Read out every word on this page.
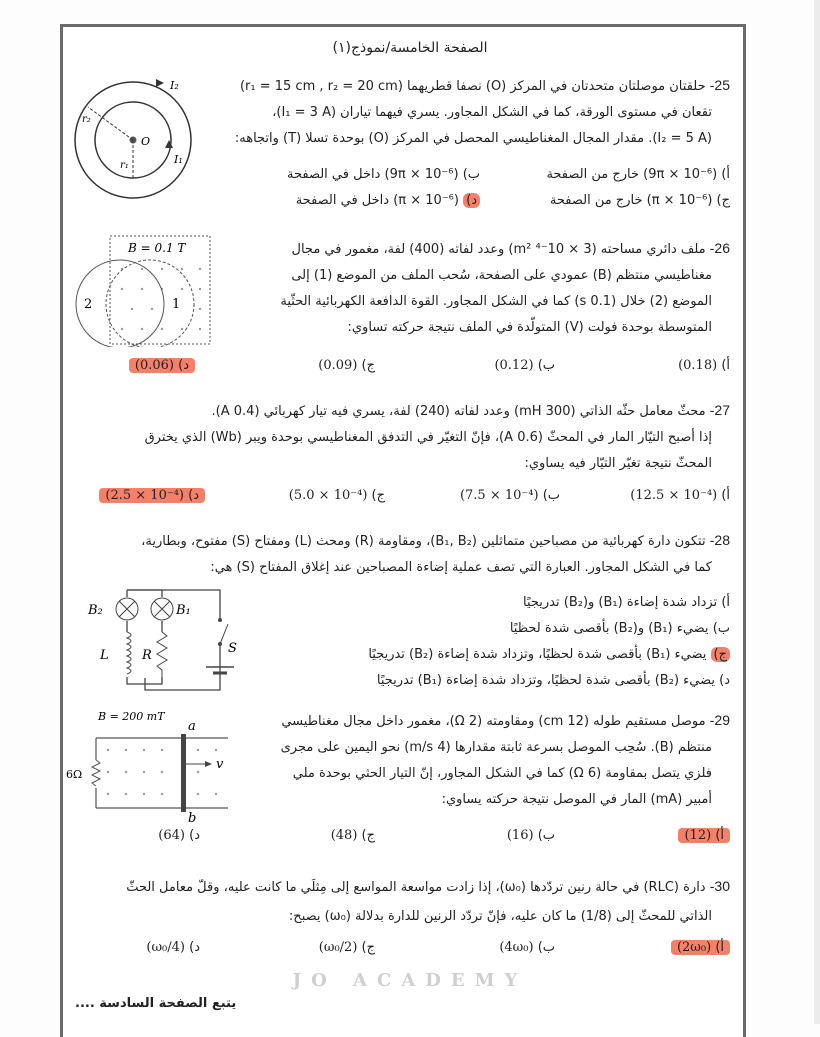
JO ACADEMY
الصفحة الخامسة/نموذج(١)
25- حلقتان موصلتان متحدتان في المركز (O) نصفا قطريهما (r₁ = 15 cm , r₂ = 20 cm)
تقعان في مستوى الورقة، كما في الشكل المجاور. يسري فيهما تياران (I₁ = 3 A)،
(I₂ = 5 A). مقدار المجال المغناطيسي المحصل في المركز (O) بوحدة تسلا (T) واتجاهه:
O
I₂
I₁
r₂
r₁
أ) (9π × 10⁻⁶) خارج من الصفحة
ب) (9π × 10⁻⁶) داخل في الصفحة
ج) (π × 10⁻⁶) خارج من الصفحة
د) (π × 10⁻⁶) داخل في الصفحة
26- ملف دائري مساحته (3 × 10⁻⁴ m²) وعدد لفاته (400) لفة، مغمور في مجال
مغناطيسي منتظم (B) عمودي على الصفحة، سُحب الملف من الموضع (1) إلى
الموضع (2) خلال (0.1 s) كما في الشكل المجاور. القوة الدافعة الكهربائية الحثّية
المتوسطة بوحدة فولت (V) المتولّدة في الملف نتيجة حركته تساوي:
B = 0.1 T
2	1
أ) (0.18)
ب) (0.12)
ج) (0.09)
د) (0.06)
27- محثّ معامل حثّه الذاتي (300 mH) وعدد لفاته (240) لفة، يسري فيه تيار كهربائي (0.4 A).
إذا أصبح التيّار المار في المحثّ (0.6 A)، فإنّ التغيّر في التدفق المغناطيسي بوحدة ويبر (Wb) الذي يخترق
المحثّ نتيجة تغيّر التيّار فيه يساوي:
أ) (12.5 × 10⁻⁴)
ب) (7.5 × 10⁻⁴)
ج) (5.0 × 10⁻⁴)
د) (2.5 × 10⁻⁴)
28- تتكون دارة كهربائية من مصباحين متماثلين (B₁, B₂)، ومقاومة (R) ومحث (L) ومفتاح (S) مفتوح، وبطارية،
كما في الشكل المجاور. العبارة التي تصف عملية إضاءة المصباحين عند إغلاق المفتاح (S) هي:
أ) تزداد شدة إضاءة (B₁) و(B₂) تدريجيًا
ب) يضيء (B₁) و(B₂) بأقصى شدة لحظيًا
ج) يضيء (B₁) بأقصى شدة لحظيًا، وتزداد شدة إضاءة (B₂) تدريجيًا
د) يضيء (B₂) بأقصى شدة لحظيًا، وتزداد شدة إضاءة (B₁) تدريجيًا
B₂	B₁
L	R	S
29- موصل مستقيم طوله (12 cm) ومقاومته (2 Ω)، مغمور داخل مجال مغناطيسي
منتظم (B). سُحِب الموصل بسرعة ثابتة مقدارها (4 m/s) نحو اليمين على مجرى
فلزي يتصل بمقاومة (6 Ω) كما في الشكل المجاور، إنّ التيار الحثي بوحدة ملي
أمبير (mA) المار في الموصل نتيجة حركته يساوي:
B = 200 mT
6Ω
a
b
v
أ) (12)
ب) (16)
ج) (48)
د) (64)
30- دارة (RLC) في حالة رنين تردّدها (ω₀)، إذا زادت مواسعة المواسع إلى مِثلَي ما كانت عليه، وقلّ معامل الحثّ
الذاتي للمحثّ إلى (1/8) ما كان عليه، فإنّ تردّد الرنين للدارة بدلالة (ω₀) يصبح:
أ) (2ω₀)
ب) (4ω₀)
ج) (ω₀/2)
د) (ω₀/4)
يتبع الصفحة السادسة ....
